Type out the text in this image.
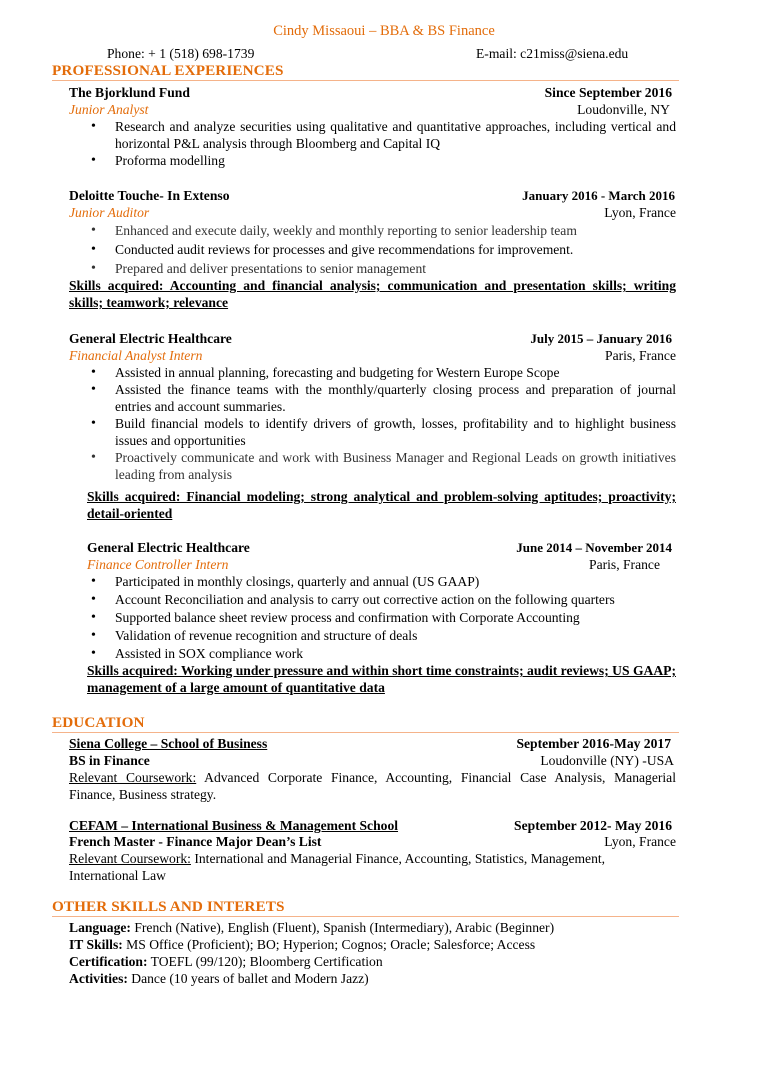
Cindy Missaoui – BBA & BS Finance
Phone: + 1 (518) 698-1739	E-mail: c21miss@siena.edu
PROFESSIONAL EXPERIENCES
The Bjorklund Fund	Since September 2016
Junior Analyst	Loudonville, NY
• Research and analyze securities using qualitative and quantitative approaches, including vertical and horizontal P&L analysis through Bloomberg and Capital IQ
• Proforma modelling
Deloitte Touche- In Extenso	January 2016 - March 2016
Junior Auditor	Lyon, France
• Enhanced and execute daily, weekly and monthly reporting to senior leadership team
• Conducted audit reviews for processes and give recommendations for improvement.
• Prepared and deliver presentations to senior management
Skills acquired: Accounting and financial analysis; communication and presentation skills; writing skills; teamwork; relevance
General Electric Healthcare	July 2015 – January 2016
Financial Analyst Intern	Paris, France
• Assisted in annual planning, forecasting and budgeting for Western Europe Scope
• Assisted the finance teams with the monthly/quarterly closing process and preparation of journal entries and account summaries.
• Build financial models to identify drivers of growth, losses, profitability and to highlight business issues and opportunities
• Proactively communicate and work with Business Manager and Regional Leads on growth initiatives leading from analysis
Skills acquired: Financial modeling; strong analytical and problem-solving aptitudes; proactivity; detail-oriented
General Electric Healthcare	June 2014 – November 2014
Finance Controller Intern	Paris, France
• Participated in monthly closings, quarterly and annual (US GAAP)
• Account Reconciliation and analysis to carry out corrective action on the following quarters
• Supported balance sheet review process and confirmation with Corporate Accounting
• Validation of revenue recognition and structure of deals
• Assisted in SOX compliance work
Skills acquired: Working under pressure and within short time constraints; audit reviews; US GAAP; management of a large amount of quantitative data
EDUCATION
Siena College – School of Business	September 2016-May 2017
BS in Finance	Loudonville (NY) -USA
Relevant Coursework: Advanced Corporate Finance, Accounting, Financial Case Analysis, Managerial Finance, Business strategy.
CEFAM – International Business & Management School	September 2012- May 2016
French Master - Finance Major Dean’s List	Lyon, France
Relevant Coursework: International and Managerial Finance, Accounting, Statistics, Management, International Law
OTHER SKILLS AND INTERETS
Language: French (Native), English (Fluent), Spanish (Intermediary), Arabic (Beginner)
IT Skills: MS Office (Proficient); BO; Hyperion; Cognos; Oracle; Salesforce; Access
Certification: TOEFL (99/120); Bloomberg Certification
Activities: Dance (10 years of ballet and Modern Jazz)
